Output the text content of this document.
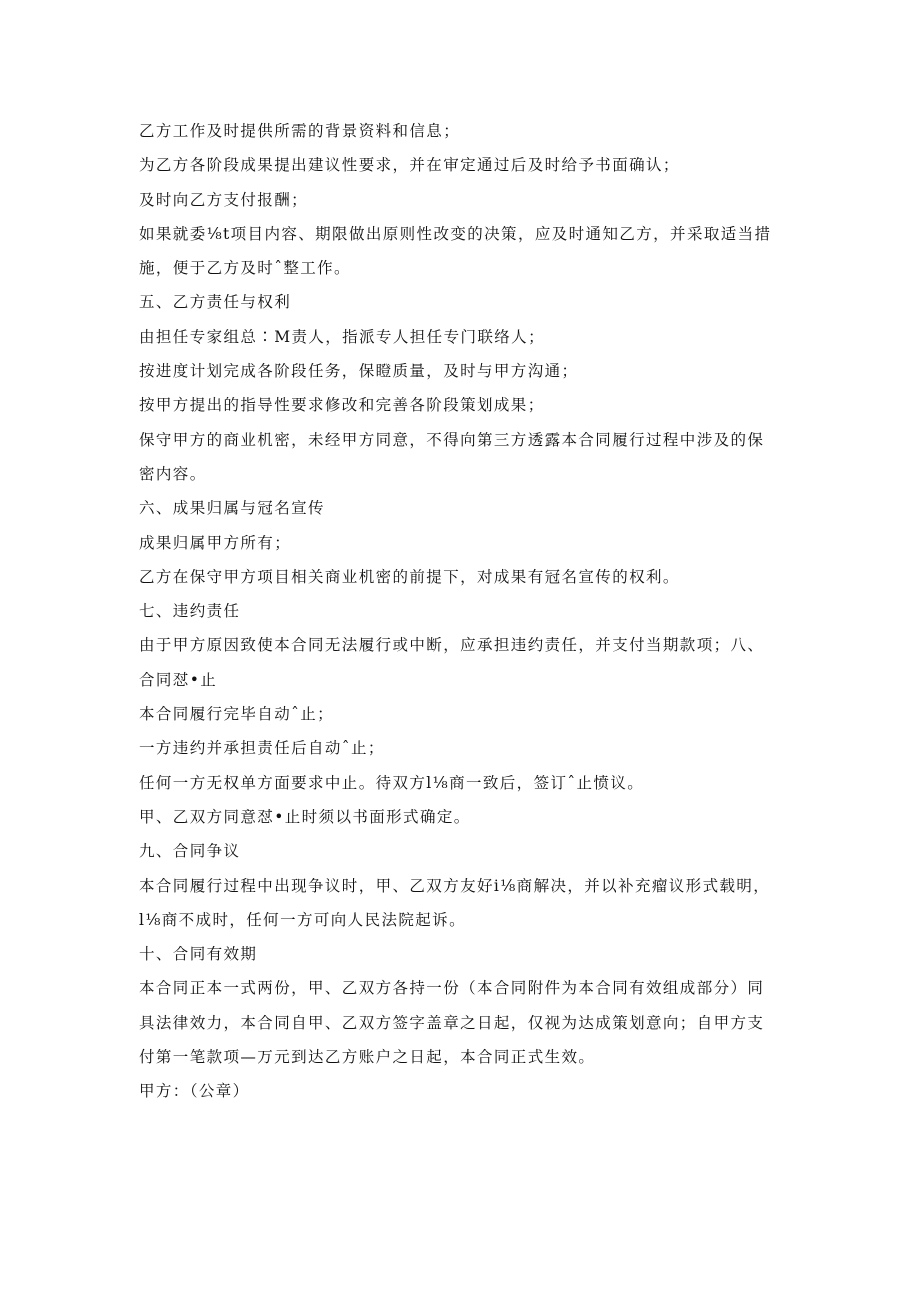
乙方工作及时提供所需的背景资料和信息；

为乙方各阶段成果提出建议性要求，并在审定通过后及时给予书面确认；

及时向乙方支付报酬；

如果就委⅛t项目内容、期限做出原则性改变的决策，应及时通知乙方，并采取适当措

施，便于乙方及时ˆ整工作。

五、乙方责任与权利

由担任专家组总∶M责人，指派专人担任专门联络人；

按进度计划完成各阶段任务，保瞪质量，及时与甲方沟通；

按甲方提出的指导性要求修改和完善各阶段策划成果；

保守甲方的商业机密，未经甲方同意，不得向第三方透露本合同履行过程中涉及的保

密内容。

六、成果归属与冠名宣传

成果归属甲方所有；

乙方在保守甲方项目相关商业机密的前提下，对成果有冠名宣传的权利。

七、违约责任

由于甲方原因致使本合同无法履行或中断，应承担违约责任，并支付当期款项；八、

合同怼•止

本合同履行完毕自动ˆ止；

一方违约并承担责任后自动ˆ止；

任何一方无权单方面要求中止。待双方l⅛商一致后，签订ˆ止愤议。

甲、乙双方同意怼•止时须以书面形式确定。

九、合同争议

本合同履行过程中出现争议时，甲、乙双方友好i⅛商解决，并以补充瘤议形式载明，

l⅛商不成时，任何一方可向人民法院起诉。

十、合同有效期

本合同正本一式两份，甲、乙双方各持一份（本合同附件为本合同有效组成部分）同

具法律效力，本合同自甲、乙双方签字盖章之日起，仅视为达成策划意向；自甲方支

付第一笔款项—万元到达乙方账户之日起，本合同正式生效。

甲方：（公章）
